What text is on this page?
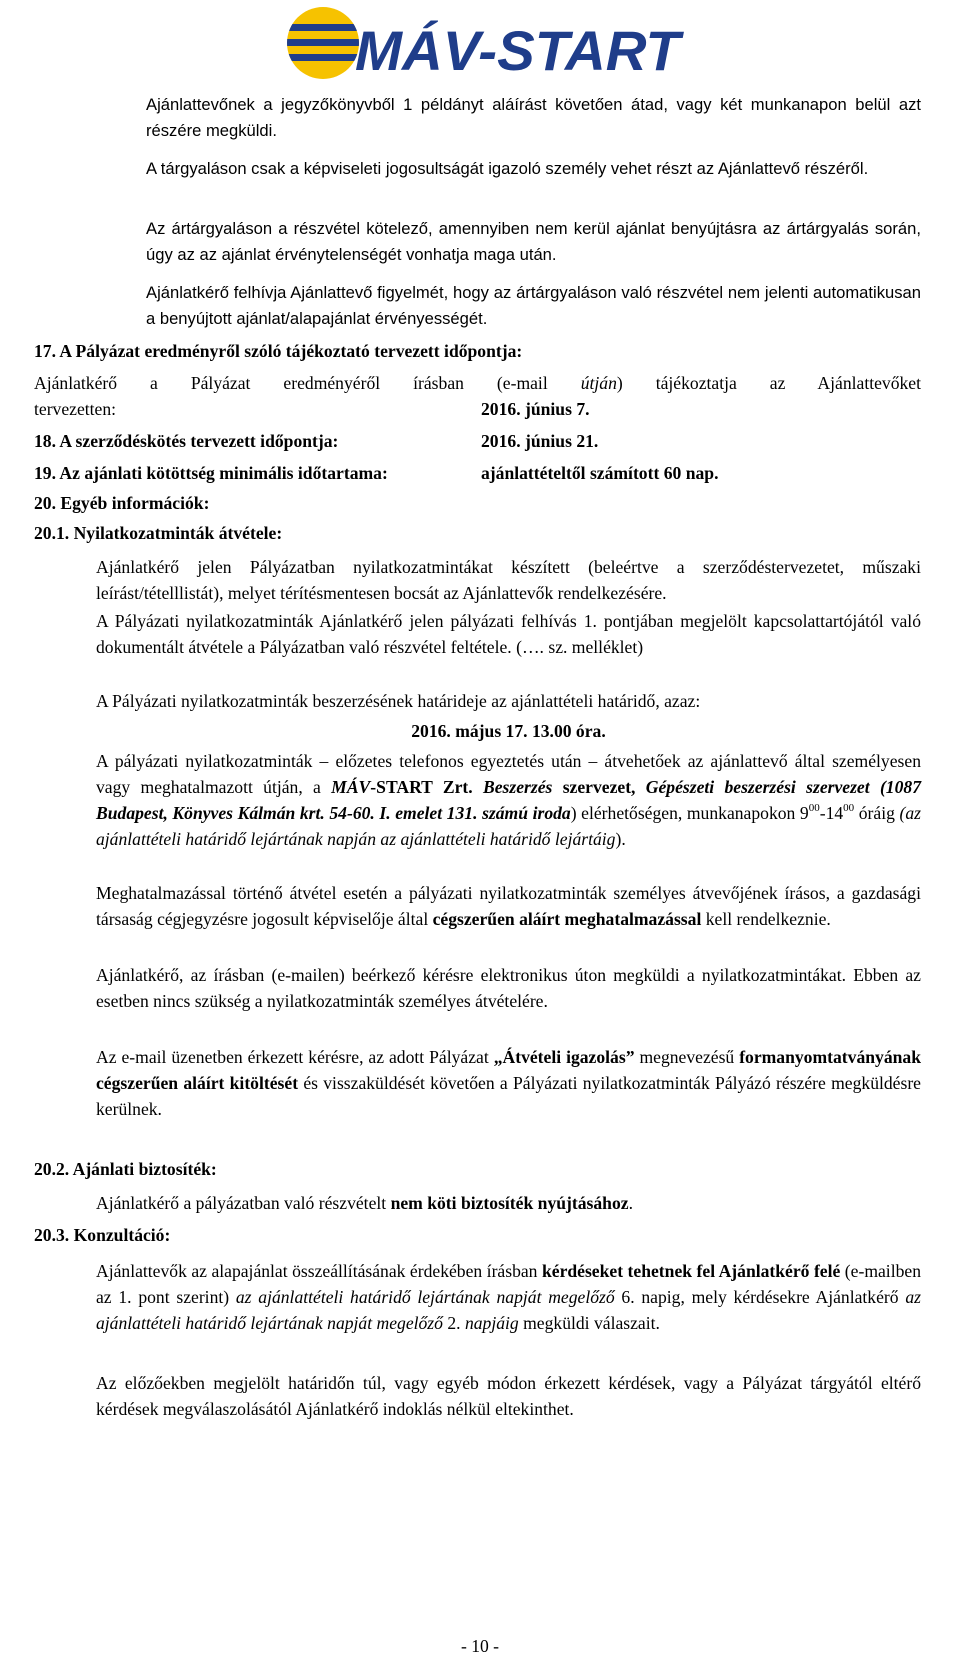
MÁV-START

Ajánlattevőnek a jegyzőkönyvből 1 példányt aláírást követően átad, vagy két munkanapon belül azt részére megküldi.

A tárgyaláson csak a képviseleti jogosultságát igazoló személy vehet részt az Ajánlattevő részéről.

Az ártárgyaláson a részvétel kötelező, amennyiben nem kerül ajánlat benyújtásra az ártárgyalás során, úgy az az ajánlat érvénytelenségét vonhatja maga után.

Ajánlatkérő felhívja Ajánlattevő figyelmét, hogy az ártárgyaláson való részvétel nem jelenti automatikusan a benyújtott ajánlat/alapajánlat érvényességét.

17. A Pályázat eredményről szóló tájékoztató tervezett időpontja:

Ajánlatkérő a Pályázat eredményéről írásban (e-mail útján) tájékoztatja az Ajánlattevőket

tervezetten:	2016. június 7.
18. A szerződéskötés tervezett időpontja:	2016. június 21.
19. Az ajánlati kötöttség minimális időtartama:	ajánlattételtől számított 60 nap.
20. Egyéb információk:
20.1. Nyilatkozatminták átvétele:

Ajánlatkérő jelen Pályázatban nyilatkozatmintákat készített (beleértve a szerződéstervezetet, műszaki leírást/tételllistát), melyet térítésmentesen bocsát az Ajánlattevők rendelkezésére.

A Pályázati nyilatkozatminták Ajánlatkérő jelen pályázati felhívás 1. pontjában megjelölt kapcsolattartójától való dokumentált átvétele a Pályázatban való részvétel feltétele. (…. sz. melléklet)

A Pályázati nyilatkozatminták beszerzésének határideje az ajánlattételi határidő, azaz:

2016. május 17. 13.00 óra.

A pályázati nyilatkozatminták – előzetes telefonos egyeztetés után – átvehetőek az ajánlattevő által személyesen vagy meghatalmazott útján, a MÁV-START Zrt. Beszerzés szervezet, Gépészeti beszerzési szervezet (1087 Budapest, Könyves Kálmán krt. 54-60. I. emelet 131. számú iroda) elérhetőségen, munkanapokon $9^{00}-14^{00}$ óráig (az ajánlattételi határidő lejártának napján az ajánlattételi határidő lejártáig).

Meghatalmazással történő átvétel esetén a pályázati nyilatkozatminták személyes átvevőjének írásos, a gazdasági társaság cégjegyzésre jogosult képviselője által cégszerűen aláírt meghatalmazással kell rendelkeznie.

Ajánlatkérő, az írásban (e-mailen) beérkező kérésre elektronikus úton megküldi a nyilatkozatmintákat. Ebben az esetben nincs szükség a nyilatkozatminták személyes átvételére.

Az e-mail üzenetben érkezett kérésre, az adott Pályázat „Átvételi igazolás” megnevezésű formanyomtatványának cégszerűen aláírt kitöltését és visszaküldését követően a Pályázati nyilatkozatminták Pályázó részére megküldésre kerülnek.

20.2. Ajánlati biztosíték:

Ajánlatkérő a pályázatban való részvételt nem köti biztosíték nyújtásához.

20.3. Konzultáció:

Ajánlattevők az alapajánlat összeállításának érdekében írásban kérdéseket tehetnek fel Ajánlatkérő felé (e-mailben az 1. pont szerint) az ajánlattételi határidő lejártának napját megelőző 6. napig, mely kérdésekre Ajánlatkérő az ajánlattételi határidő lejártának napját megelőző 2. napjáig megküldi válaszait.

Az előzőekben megjelölt határidőn túl, vagy egyéb módon érkezett kérdések, vagy a Pályázat tárgyától eltérő kérdések megválaszolásától Ajánlatkérő indoklás nélkül eltekinthet.

- 10 -
